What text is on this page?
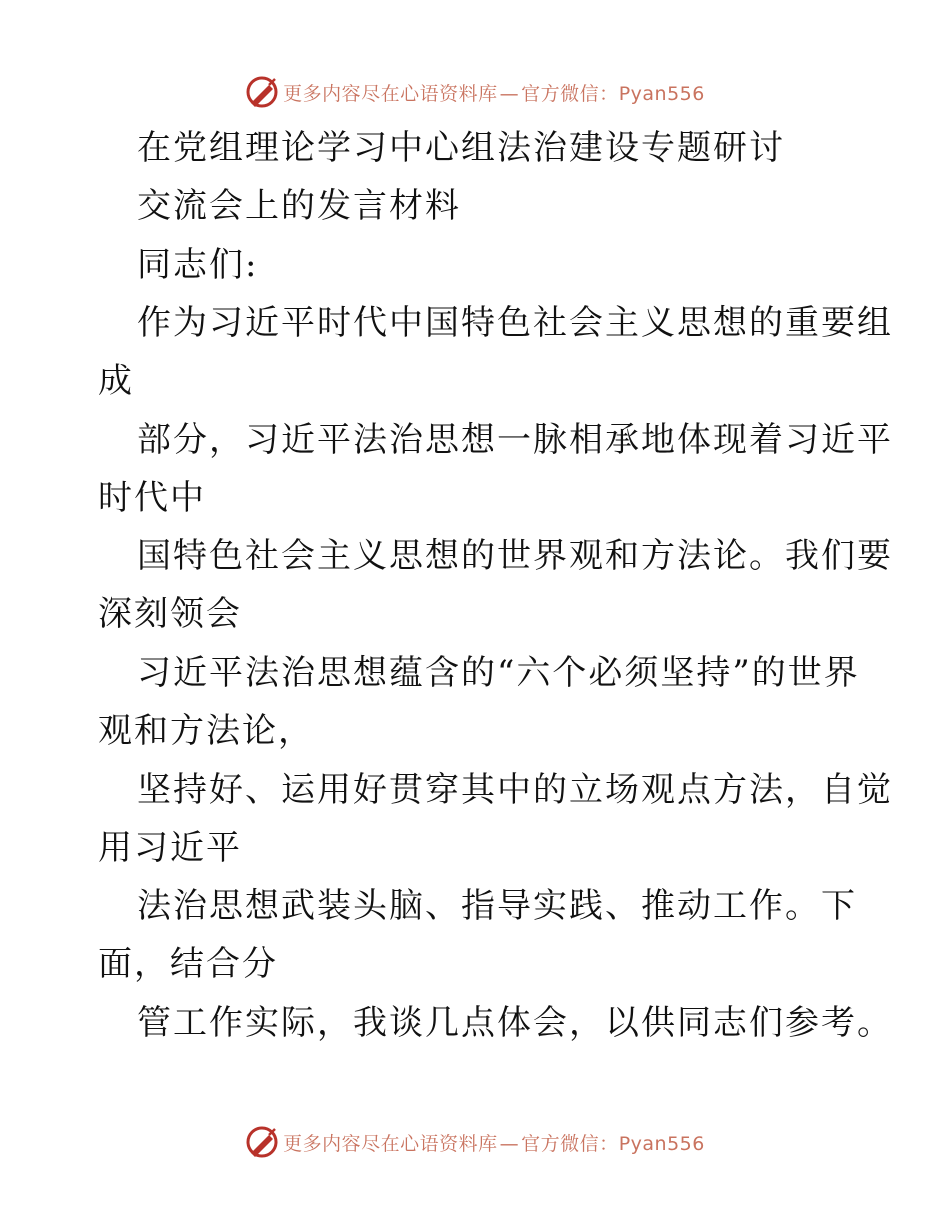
更多内容尽在心语资料库 — 官方微信：Pyan556
在党组理论学习中心组法治建设专题研讨
交流会上的发言材料
同志们:
作为习近平时代中国特色社会主义思想的重要组
成
部分，习近平法治思想一脉相承地体现着习近平
时代中
国特色社会主义思想的世界观和方法论。我们要
深刻领会
习近平法治思想蕴含的“六个必须坚持”的世界
观和方法论，
坚持好、运用好贯穿其中的立场观点方法，自觉
用习近平
法治思想武装头脑、指导实践、推动工作。下
面，结合分
管工作实际，我谈几点体会，以供同志们参考。
更多内容尽在心语资料库 — 官方微信：Pyan556
